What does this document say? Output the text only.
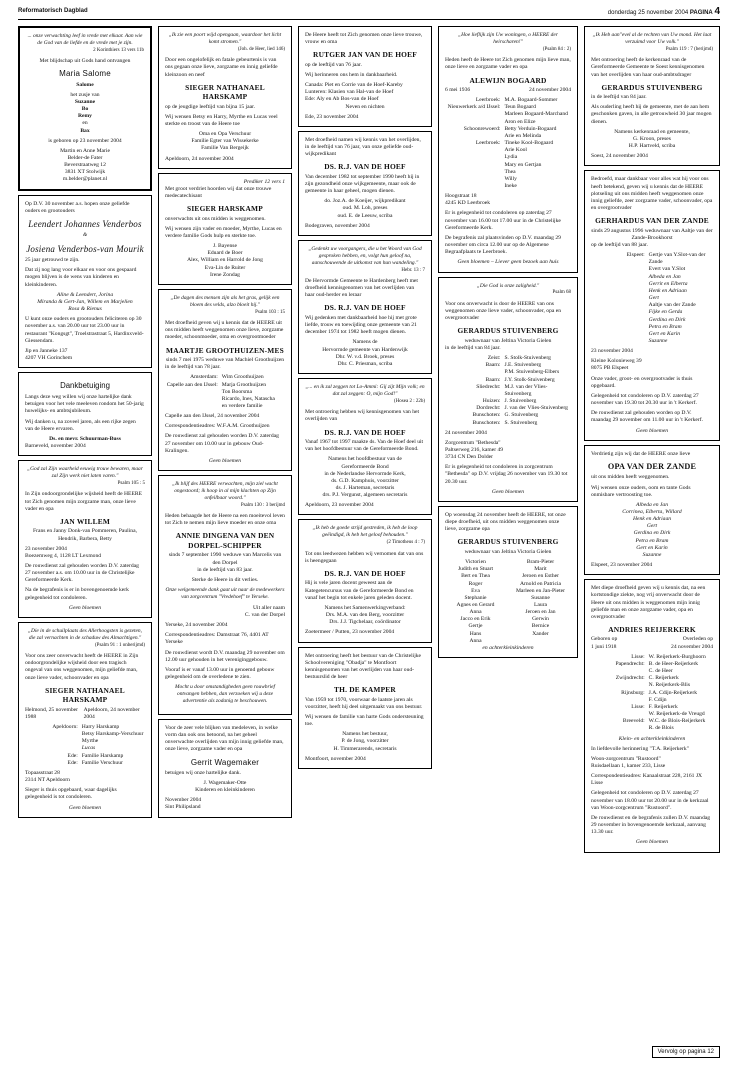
Reformatorisch Dagblad	donderdag 25 november 2004 PAGINA 4
... onze verwachting leef in vrede met elkaar. Aan wie de God van de liefde en de vrede met je zijn.
2 Korinthiers 13 vers 11b
Met blijdschap uit Gods hand ontvangen
Maria Salome
Salome
het zusje van
Suzanne
Bo
Remy
en
Bax
is geboren op 23 november 2004
Martin en Anne Marie
Belder-de Fater
Beverstraatweg 12
3831 XT Stolwijk
m.belder@planet.nl
Op D.V. 30 november a.s. hopen onze geliefde ouders en grootouders
Leendert Johannes Venderbos
&
Josiena Venderbos-van Mourik
25 jaar getrouwd te zijn.
Dat zij nog lang voor elkaar en voor ons gespaard mogen blijven is de wens van kinderen en kleinkinderen.
Aline & Leendert, Jorina
Miranda & Gert-Jan, Willem en Marjelien
Rosa & Rienus
U kunt onze ouders en grootouders feliciteren op 30 november a.s. van 20.00 uur tot 23.00 uur in restaurant "Kongsgt", Troelstrastraat 5, Hardinxveld-Giessendam.
Jip en Janneke 137
4207 VH Gorinchem
Dankbetuiging
Langs deze weg willen wij onze hartelijke dank betuigen voor het vele meeleven rondom het 50-jarig huwelijks- en ambtsjubileum.
Wij danken u, na zoveel jaren, als een rijke zegen van de Heere ervaren.
Ds. en mevr. Schuurman-Buss
Barneveld, november 2004
„God zal Zijn waarheid eeuwig trouw bewaren, maar zal Zijn werk niet laten varen."
Psalm 105 : 5
In Zijn ondoorgrondelijke wijsheid heeft de HEERE tot Zich genomen mijn zorgzame man, onze lieve vader en opa
JAN WILLEM
Frans en Janny Donk-van Pommeren, Paulina, Hendrik, Barbera, Betty
23 november 2004
Boezemweg 4, 1128 LT Lexmond
De rouwdienst zal gehouden worden D.V. zaterdag 27 november a.s. om 10.00 uur in de Christelijke Gereformeerde Kerk.
Na de begrafenis is er in bovengenoemde kerk gelegenheid tot condoleren.
Geen bloemen
„Die in de schuilplaats des Allerhoogsten is gezeten, die zal vernachten in de schaduw des Almachtigen."
(Psalm 91 : 1 onberijmd)
Voor ons zeer onverwacht heeft de HEERE in Zijn ondoorgrondelijke wijsheid door een tragisch ongeval van ons weggenomen, mijn geliefde man, onze lieve vader, schoonvader en opa
SIEGER NATHANAEL HARSKAMP
Helmond, 25 november 1988
Apeldoorn, 24 november 2004
Apeldoorn: Harry Harskamp
Betsy Harskamp-Verschuur
Myrthe
Lucas
Ede: Familie Harskamp
Ede: Familie Verschuur
Topaasstraat 28
2314 NT Apeldoorn
Sieger is thuis opgebaard, waar dagelijks gelegenheid is tot condoleren.
Geen bloemen
„Ik zie een poort wijd opengaan, waardoor het licht komt stromen."
(Joh. de Heer, lied 146)
Door een ongelofelijk en fatale gebeurtenis is van ons gegaan onze lieve, zorgzame en innig geliefde kleinzoon en neef
SIEGER NATHANAEL HARSKAMP
op de jeugdige leeftijd van bijna 15 jaar.
Wij wensen Betsy en Harry, Myrthe en Lucas veel sterkte en troost van de Heere toe
Oma en Opa Verschuur
Familie Egter van Wissekerke
Familie Van Bergeijk
Apeldoorn, 24 november 2004
Prediker 12 vers 1
Met groot verdriet hoorden wij dat onze trouwe medecatechisant
SIEGER HARSKAMP
onverwachts uit ons midden is weggenomen.
Wij wensen zijn vader en moeder, Myrthe, Lucas en verdere familie Gods hulp en sterkte toe.
J. Bayense
Eduard de Boer
Alex, William en Harrold de Jong
Eva-Lin de Ruiter
Irene Zondag
„De dagen des mensen zijn als het gras, gelijk een bloem des velds, alzo bloeit hij."
Psalm 103 : 15
Met droefheid geven wij u kennis dat de HEERE uit ons midden heeft weggenomen onze lieve, zorgzame moeder, schoonmoeder, oma en overgrootmoeder
MAARTJE GROOTHUIZEN-MES
sinds 7 mei 1975 weduwe van Machiel Groothuijzen
in de leeftijd van 78 jaar.
Amsterdam: Wim Groothuijzen
Capelle aan den IJssel: Marja Groothuijzen
Ton Boorsma
Ricardo, Ines, Natascha
en verdere familie
Capelle aan den IJssel, 24 november 2004
Correspondentieadres: W.F.A.M. Groothuijzen
De rouwdienst zal gehouden worden D.V. zaterdag 27 november om 10.00 uur in gebouw Oud-Kralingen.
Geen bloemen
„Ik blijf des HEERE verwachten, mijn ziel wacht ongestoord; ik hoop in al mijn klachten op Zijn onfeilbaar woord."
Psalm 130 : 3 berijmd
Heden behaagde het de Heere na een moeitevol leven tot Zich te nemen mijn lieve moeder en onze oma
ANNIE DINGENA VAN DEN DORPEL-SCHIPPER
sinds 7 september 1990 weduwe van Marcelis van den Dorpel
in de leeftijd van 83 jaar.
Sterke de Heere in dit verlies.
Onze welgemeende dank gaat uit naar de medewerkers van zorgcentrum "Vredehoef" te Yerseke.
Uit aller naam
C. van der Dorpel
Yerseke, 24 november 2004
Correspondentieadres: Damstraat 76, 4401 AT Yerseke
De rouwdienst wordt D.V. maandag 29 november om 12.00 uur gehouden in het vereniginggebouw.
Vooraf is er vanaf 13.00 uur in genoemd gebouw gelegenheid om de overledene te zien.
Mocht u door omstandigheden geen rouwbrief ontvangen hebben, dan verzoeken wij u deze advertentie als zodanig te beschouwen.
Voor de zeer vele blijken van medeleven, in welke vorm dan ook ons betoond, na het geheel onverwachte overlijden van mijn innig geliefde man, onze lieve, zorgzame vader en opa
Gerrit Wagemaker
betuigen wij onze hartelijke dank.
J. Wagemaker-Otte
Kinderen en kleinkinderen
November 2004
Sint Philipsland
De Heere heeft tot Zich genomen onze lieve trouwe, vrouw en oma
RUTGER JAN VAN DE HOEF
op de leeftijd van 76 jaar.
Wij herinneren ons hem in dankbaarheid.
Canada: Piet en Corrie van de Hoef-Kareby
Lunteren: Klasien van Hal-van de Hoef
Ede: Aly en Ab Bos-van de Hoef
Neven en nichten
Ede, 23 november 2004
Met droefheid namen wij kennis van het overlijden, in de leeftijd van 76 jaar, van onze geliefde oud-wijkpredikant
DS. R.J. VAN DE HOEF
Van december 1982 tot september 1990 heeft hij in zijn gezondheid onze wijkgemeente, maar ook de gemeente in haar geheel, mogen dienen.
do. Joz.A. de Koeijer, wijkpredikant
oud. M. Loh, preses
oud. E. de Leeuw, scriba
Bodegraven, november 2004
„Gedenkt uw voorgangers, die u het Woord van God gesproken hebben, en, volgt hun geloof na, aanschouwende de uitkomst van hun wandeling."
Hebr. 13 : 7
De Hervormde Gemeente te Hardenberg heeft met droefheid kennisgenomen van het overlijden van haar oud-herder en leraar
DS. R.J. VAN DE HOEF
Wij gedenken met dankbaarheid hoe hij met grote liefde, trouw en toewijding onze gemeente van 21 december 1974 tot 1982 heeft mogen dienen.
Namens de
Hervormde gemeente van Hardenwijk
Dhr. W. v.d. Broek, preses
Dhr. C. Priesman, scriba
„... en ik zal zeggen tot Lo-Ammi: Gij zijt Mijn volk; en dat zal zeggen: O, mijn God!"
(Hosea 2 : 22b)
Met ontroering hebben wij kennisgenomen van het overlijden van
DS. R.J. VAN DE HOEF
Vanaf 1967 tot 1997 maakte ds. Van de Hoef deel uit van het hoofdbestuur van de Gereformeerde Bond.
Namens het hoofdbestuur van de
Gereformeerde Bond
in de Nederlandse Hervormde Kerk,
ds. G.D. Kamphuis, voorzitter
ds. J. Harteman, secretaris
drs. P.J. Vergunst, algemeen secretaris
Apeldoorn, 23 november 2004
„Ik heb de goede strijd gestreden, ik heb de loop geëindigd, ik heb het geloof behouden."
(2 Timotheus 4 : 7)
Tot ons leedwezen hebben wij vernomen dat van ons is heengegaan
DS. R.J. VAN DE HOEF
Hij is vele jaren docent geweest aan de Kategetencursus van de Gereformeerde Bond en vanaf het begin tot enkele jaren geleden docent.
Namens het Samenwerkingverband:
Drs. M.A. van den Berg, voorzitter
Drs. J.J. Tigchelaar, coördinator
Zoetermeer / Putten, 23 november 2004
Met ontroering heeft het bestuur van de Christelijke Schoolvereniging "Obadja" te Montfoort kennisgenomen van het overlijden van haar oud-bestuurslid de heer
TH. DE KAMPER
Van 1959 tot 1970, voorwaar de laatste jaren als voorzitter, heeft hij deel uitgemaakt van ons bestuur.
Wij wensen de familie van harte Gods ondersteuning toe.
Namens het bestuur,
P. de Jong, voorzitter
H. Timmerarends, secretaris
Montfoort, november 2004
„Hoe lieflijk zijn Uw woningen, o HEERE der heirscharen!"
(Psalm 84 : 2)
Heden heeft de Heere tot Zich genomen mijn lieve man, onze lieve en zorgzame vader en opa
ALEWIJN BOGAARD
6 mei 1936	24 november 2004
Leerbroek: M.A. Bogaard-Sommer
Nieuwerkerk a/d IJssel: Teun Bogaard
Marleen Bogaard-Marchand
Aron en Elize
Schoonrewoerd: Betty Verduin-Bogaard
Arie en Melinda
Leerbroek: Tineke Kool-Bogaard
Arie Kool
Lydia
Mary en Gertjan
Thea
Willy
Ineke
Hoogstraat 18
4245 KD Leerbroek
Er is gelegenheid tot condoleren op zaterdag 27 november van 16.00 tot 17.00 uur in de Christelijke Gereformeerde Kerk.
De begrafenis zal plaatsvinden op D.V. maandag 29 november om circa 12.00 uur op de Algemene Begraafplaats te Leerbroek.
Geen bloemen – Liever geen bezoek aan huis
„Die God is onze zaligheid."
Psalm 68
Voor ons onverwacht is door de HEERE van ons weggenomen onze lieve vader, schoonvader, opa en overgrootvader
GERARDUS STUIVENBERG
weduwnaar van Jeltina Victoria Gielen
in de leeftijd van 84 jaar.
Zeist: S. Stolk-Stuivenberg
Baarn: J.E. Stuivenberg
P.M. Stuivenberg-Elbers
Baarn: J.Y. Stolk-Stuivenberg
Sliedrecht: M.J. van der Vlies-Stuivenberg
Huizen: J. Stuivenberg
Dordrecht: J. van der Vlies-Stuivenberg
Bunschoten: G. Stuivenberg
Bunschoten: S. Stuivenberg
24 november 2004
Zorgcentrum "Bethesda"
Paltserweg 216, kamer 49
3734 CN Den Dolder
Er is gelegenheid tot condoleren in zorgcentrum "Bethesda" op D.V. vrijdag 26 november van 19.30 tot 20.30 uur.
Geen bloemen
Op woensdag 24 november heeft de HEERE, tot onze diepe droefheid, uit ons midden weggenomen onze lieve, zorgzame opa
GERARDUS STUIVENBERG
weduwnaar van Jeltina Victoria Gielen
Victorien
Judith en Stuart
Bert en Thea
Roger
Eva
Stephanie
Agnes en Gerard
Anna
Jacco en Erik
Gertje
Hans
Anna
Bram-Pieter
Marit
Jeroen en Esther
Arnold en Patricia
Marleen en Jan-Pieter
Susanne
Laura
Jeroen en Jan
Gerwin
Bernice
Xander
en achterkleinkinderen
„Ik Heb aan"evel al de rechten van Uw mond. Het laat verzuimd voor Uw volk."
Psalm 119 : 7 (berijmd)
Met ontroering heeft de kerkenraad van de Gereformeerde Gemeente te Soest kennisgenomen van het overlijden van haar oud-ambtsdrager
GERARDUS STUIVENBERG
in de leeftijd van 84 jaar.
Als ouderling heeft hij de gemeente, met de aan hem geschonken gaven, in alle getrouwheid 30 jaar mogen dienen.
Namens kerkenraad en gemeente,
G. Kroon, preses
H.P. Hartveld, scriba
Soest, 24 november 2004
Bedroefd, maar dankbaar voor alles wat hij voor ons heeft betekend, geven wij u kennis dat de HEERE plotseling uit ons midden heeft weggenomen onze innig geliefde, zeer zorgzame vader, schoonvader, opa en overgrootvader
GERHARDUS VAN DER ZANDE
sinds 29 augustus 1996 weduwnaar van Aaltje van der Zande-Brookhorst
op de leeftijd van 88 jaar.
Elspeet: Gertje van Y.Slot-van der Zande
Evert van Y.Slot
Albeda en Jan
Gerrit en Elberta
Henk en Adriaan
Gert
Aaltje van der Zande
Fijke en Gerda
Gerdina en Dirk
Petra en Bram
Gert en Karin
Suzanne
23 november 2004
Kleine Kolonieweg 39
8075 PB Elspeet
Onze vader, groot- en overgrootvader is thuis opgebaard.
Gelegenheid tot condoleren op D.V. zaterdag 27 november van 19.30 tot 20.30 uur in 't Kerkerf.
De rouwdienst zal gehouden worden op D.V. maandag 29 november om 11.00 uur in 't Kerkerf.
Geen bloemen
Verdrietig zijn wij dat de HEERE onze lieve
OPA VAN DER ZANDE
uit ons midden heeft weggenomen.
Wij wensen onze ouders, oom en tante Gods onmisbare vertroosting toe.
Albeda en Jan
Corrinea, Elberta, Willard
Henk en Adriaan
Gert
Gerdina en Dirk
Petra en Bram
Gert en Karin
Suzanne
Elspeet, 23 november 2004
Met diepe droefheid geven wij u kennis dat, na een kortstondige ziekte, nog vrij onverwacht door de Heere uit ons midden is weggenomen mijn innig geliefde man en onze zorgzame vader, opa en overgrootvader
ANDRIES REIJERKERK
Geboren op
1 juni 1918
Overleden op
24 november 2004
Lisse: W. Reijerkerk-Burghoorn
Papendrecht: B. de Heer-Reijerkerk
C. de Heer
Zwijndrecht: C. Reijerkerk
N. Reijerkerk-Blis
Rijnsburg: J.A. Cdijn-Reijerkerk
F. Cdijn
Lisse: F. Reijerkerk
W. Reijerkerk-de Vreugd
Breeveld: W.C. de Blois-Reijerkerk
R. de Blois
Klein- en achterkleinkinderen
In liefdevolle herinnering "T.A. Reijerkerk"
Woon-zorgcentrum "Rustoord"
Ruisdaellaan 1, kamer 233, Lisse
Correspondentieadres: Kanaalstraat 228, 2161 JX Lisse
Gelegenheid tot condoleren op D.V. zaterdag 27 november van 18.00 uur tot 20.00 uur in de kerkzaal van Woon-zorgcentrum "Rustoord".
De rouwdienst en de begrafenis zullen D.V. maandag 29 november in bovengenoemde kerkzaal, aanvang 13.30 uur.
Geen bloemen
Vervolg op pagina 12
